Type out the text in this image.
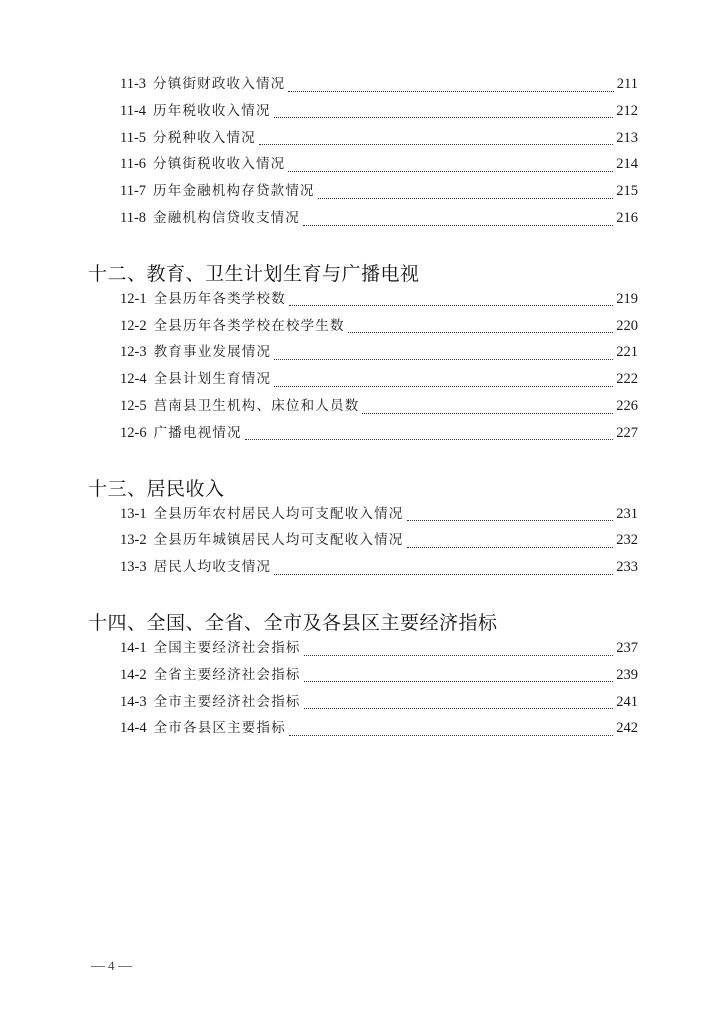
11-3 分镇街财政收入情况	211
11-4 历年税收收入情况	212
11-5 分税种收入情况	213
11-6 分镇街税收收入情况	214
11-7 历年金融机构存贷款情况	215
11-8 金融机构信贷收支情况	216
十二、教育、卫生计划生育与广播电视
12-1 全县历年各类学校数	219
12-2 全县历年各类学校在校学生数	220
12-3 教育事业发展情况	221
12-4 全县计划生育情况	222
12-5 莒南县卫生机构、床位和人员数	226
12-6 广播电视情况	227
十三、居民收入
13-1 全县历年农村居民人均可支配收入情况	231
13-2 全县历年城镇居民人均可支配收入情况	232
13-3 居民人均收支情况	233
十四、全国、全省、全市及各县区主要经济指标
14-1 全国主要经济社会指标	237
14-2 全省主要经济社会指标	239
14-3 全市主要经济社会指标	241
14-4 全市各县区主要指标	242
4
